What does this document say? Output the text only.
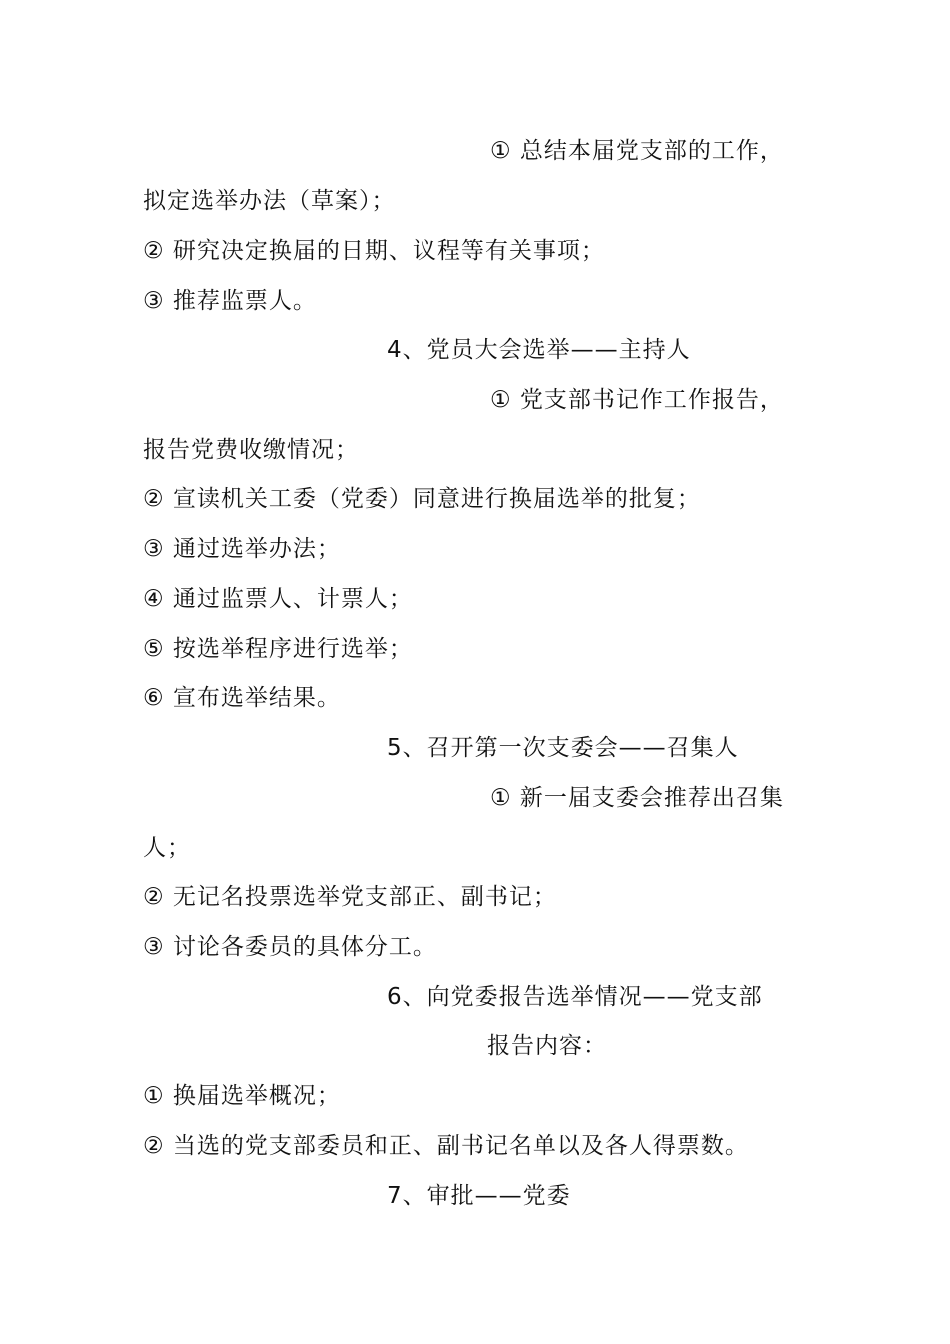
① 总结本届党支部的工作，
拟定选举办法（草案）；
② 研究决定换届的日期、议程等有关事项；
③ 推荐监票人。
4、党员大会选举——主持人
① 党支部书记作工作报告，
报告党费收缴情况；
② 宣读机关工委（党委）同意进行换届选举的批复；
③ 通过选举办法；
④ 通过监票人、计票人；
⑤ 按选举程序进行选举；
⑥ 宣布选举结果。
5、召开第一次支委会——召集人
① 新一届支委会推荐出召集
人；
② 无记名投票选举党支部正、副书记；
③ 讨论各委员的具体分工。
6、向党委报告选举情况——党支部
报告内容：
① 换届选举概况；
② 当选的党支部委员和正、副书记名单以及各人得票数。
7、审批——党委
